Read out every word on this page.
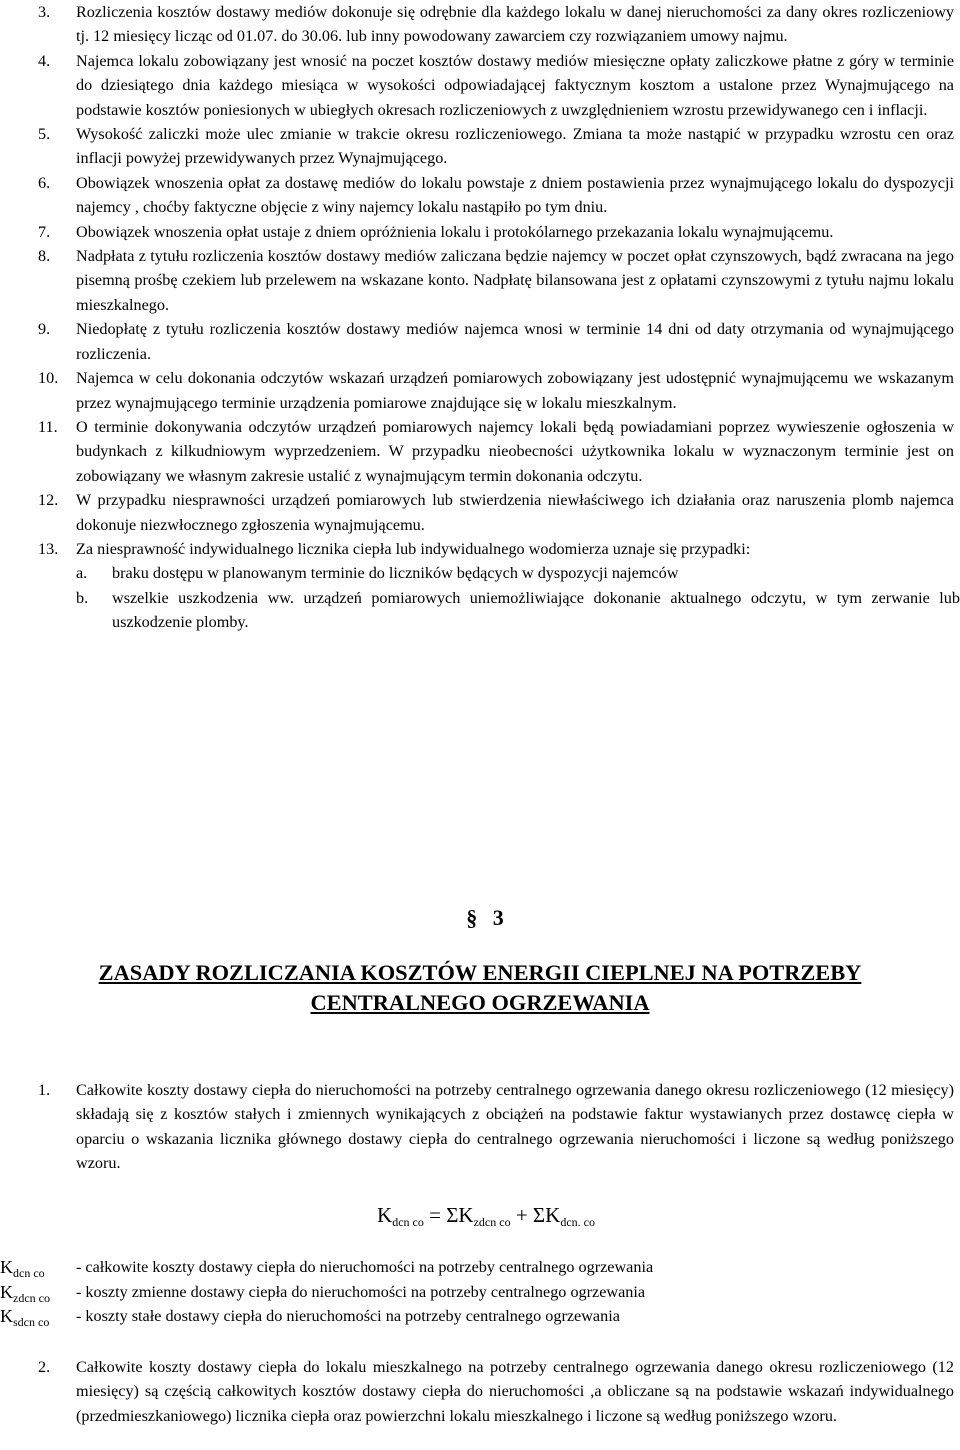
3.	Rozliczenia kosztów dostawy mediów dokonuje się odrębnie dla każdego lokalu w danej nieruchomości za dany okres rozliczeniowy tj. 12 miesięcy licząc od 01.07. do 30.06. lub inny powodowany zawarciem czy rozwiązaniem umowy najmu.
4.	Najemca lokalu zobowiązany jest wnosić na poczet kosztów dostawy mediów miesięczne opłaty zaliczkowe płatne z góry w terminie do dziesiątego dnia każdego miesiąca w wysokości odpowiadającej faktycznym kosztom a ustalone przez Wynajmującego na podstawie kosztów poniesionych w ubiegłych okresach rozliczeniowych z uwzględnieniem wzrostu przewidywanego cen i inflacji.
5.	Wysokość zaliczki może ulec zmianie w trakcie okresu rozliczeniowego. Zmiana ta może nastąpić w przypadku wzrostu cen oraz inflacji powyżej przewidywanych przez Wynajmującego.
6.	Obowiązek wnoszenia opłat za dostawę mediów do lokalu powstaje z dniem postawienia przez wynajmującego lokalu do dyspozycji najemcy , choćby faktyczne objęcie z winy najemcy lokalu nastąpiło po tym dniu.
7.	Obowiązek wnoszenia opłat ustaje z dniem opróżnienia lokalu i protokólarnego przekazania lokalu wynajmującemu.
8.	Nadpłata z tytułu rozliczenia kosztów dostawy mediów zaliczana będzie najemcy w poczet opłat czynszowych, bądź zwracana na jego pisemną prośbę czekiem lub przelewem na wskazane konto. Nadpłatę bilansowana jest z opłatami czynszowymi z tytułu najmu lokalu mieszkalnego.
9.	Niedopłatę z tytułu rozliczenia kosztów dostawy mediów najemca wnosi w terminie 14 dni od daty otrzymania od wynajmującego rozliczenia.
10.	Najemca w celu dokonania odczytów wskazań urządzeń pomiarowych zobowiązany jest udostępnić wynajmującemu we wskazanym przez wynajmującego terminie urządzenia pomiarowe znajdujące się w lokalu mieszkalnym.
11.	O terminie dokonywania odczytów urządzeń pomiarowych najemcy lokali będą powiadamiani poprzez wywieszenie ogłoszenia w budynkach z kilkudniowym wyprzedzeniem. W przypadku nieobecności użytkownika lokalu w wyznaczonym terminie jest on zobowiązany we własnym zakresie ustalić z wynajmującym termin dokonania odczytu.
12.	W przypadku niesprawności urządzeń pomiarowych lub stwierdzenia niewłaściwego ich działania oraz naruszenia plomb najemca dokonuje niezwłocznego zgłoszenia wynajmującemu.
13.	Za niesprawność indywidualnego licznika ciepła lub indywidualnego wodomierza uznaje się przypadki:
a.	braku dostępu w planowanym terminie do liczników będących w dyspozycji najemców
b.	wszelkie uszkodzenia ww. urządzeń pomiarowych uniemożliwiające dokonanie aktualnego odczytu, w tym zerwanie lub uszkodzenie plomby.
§ 3
ZASADY ROZLICZANIA KOSZTÓW ENERGII CIEPLNEJ NA POTRZEBY
CENTRALNEGO OGRZEWANIA
1.	Całkowite koszty dostawy ciepła do nieruchomości na potrzeby centralnego ogrzewania danego okresu rozliczeniowego (12 miesięcy) składają się z kosztów stałych i zmiennych wynikających z obciążeń na podstawie faktur wystawianych przez dostawcę ciepła w oparciu o wskazania licznika głównego dostawy ciepła do centralnego ogrzewania nieruchomości i liczone są według poniższego wzoru.
$K_{dcn co} = \Sigma K_{zdcn co} + \Sigma K_{dcn. co}$
$K_{dcn co}$ - całkowite koszty dostawy ciepła do nieruchomości na potrzeby centralnego ogrzewania
$K_{zdcn co}$ - koszty zmienne dostawy ciepła do nieruchomości na potrzeby centralnego ogrzewania
$K_{sdcn co}$ - koszty stałe dostawy ciepła do nieruchomości na potrzeby centralnego ogrzewania
2.	Całkowite koszty dostawy ciepła do lokalu mieszkalnego na potrzeby centralnego ogrzewania danego okresu rozliczeniowego (12 miesięcy) są częścią całkowitych kosztów dostawy ciepła do nieruchomości ,a obliczane są na podstawie wskazań indywidualnego (przedmieszkaniowego) licznika ciepła oraz powierzchni lokalu mieszkalnego i liczone są według poniższego wzoru.
